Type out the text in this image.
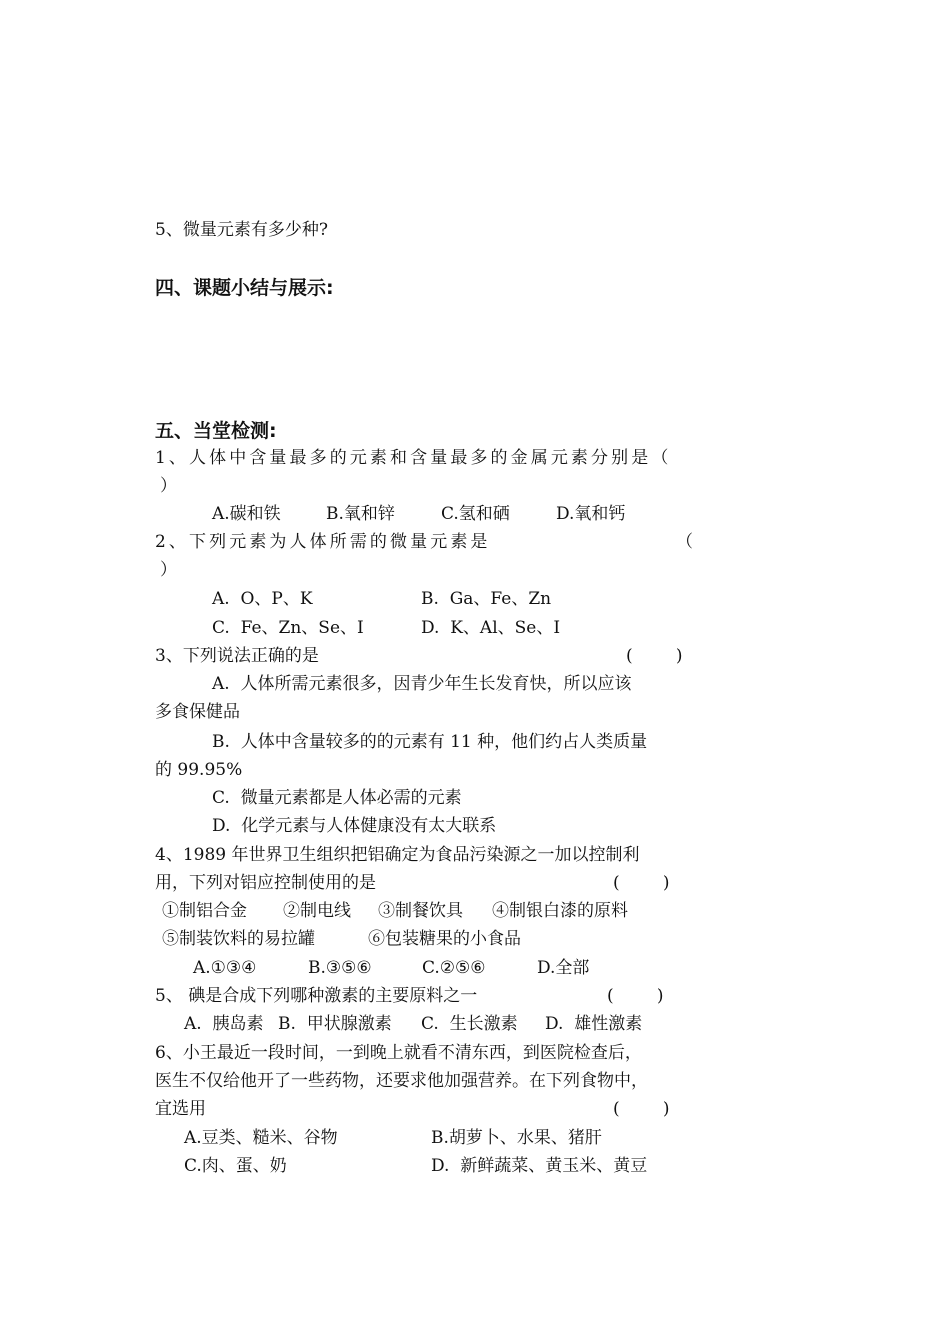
5、微量元素有多少种?
四、课题小结与展示:
五、当堂检测:
1、人体中含量最多的元素和含量最多的金属元素分别是（
）

A.碳和铁

	B.氧和锌

	C.氢和硒

	D.氧和钙

2、下列元素为人体所需的微量元素是	（
）

A.  O、P、K

	B.  Ga、Fe、Zn

C.  Fe、Zn、Se、I

	D.  K、Al、Se、I

3、下列说法正确的是	(        )
A.  人体所需元素很多，因青少年生长发育快，所以应该
多食保健品
B.  人体中含量较多的的元素有 11 种，他们约占人类质量
的 99.95%
C.  微量元素都是人体必需的元素
D.  化学元素与人体健康没有太大联系
4、1989 年世界卫生组织把铝确定为食品污染源之一加以控制利
用，下列对铝应控制使用的是	(        )

①制铝合金

②制电线

③制餐饮具

④制银白漆的原料

⑤制装饮料的易拉罐

	⑥包装糖果的小食品

A.①③④

	B.③⑤⑥

	C.②⑤⑥

	D.全部

5、 碘是合成下列哪种激素的主要原料之一	(        )

A.  胰岛素

B.  甲状腺激素

C.  生长激素

D.  雄性激素

6、小王最近一段时间，一到晚上就看不清东西，到医院检查后，
医生不仅给他开了一些药物，还要求他加强营养。在下列食物中，
宜选用	(        )

A.豆类、糙米、谷物

	B.胡萝卜、水果、猪肝

C.肉、蛋、奶

	D.  新鲜蔬菜、黄玉米、黄豆
